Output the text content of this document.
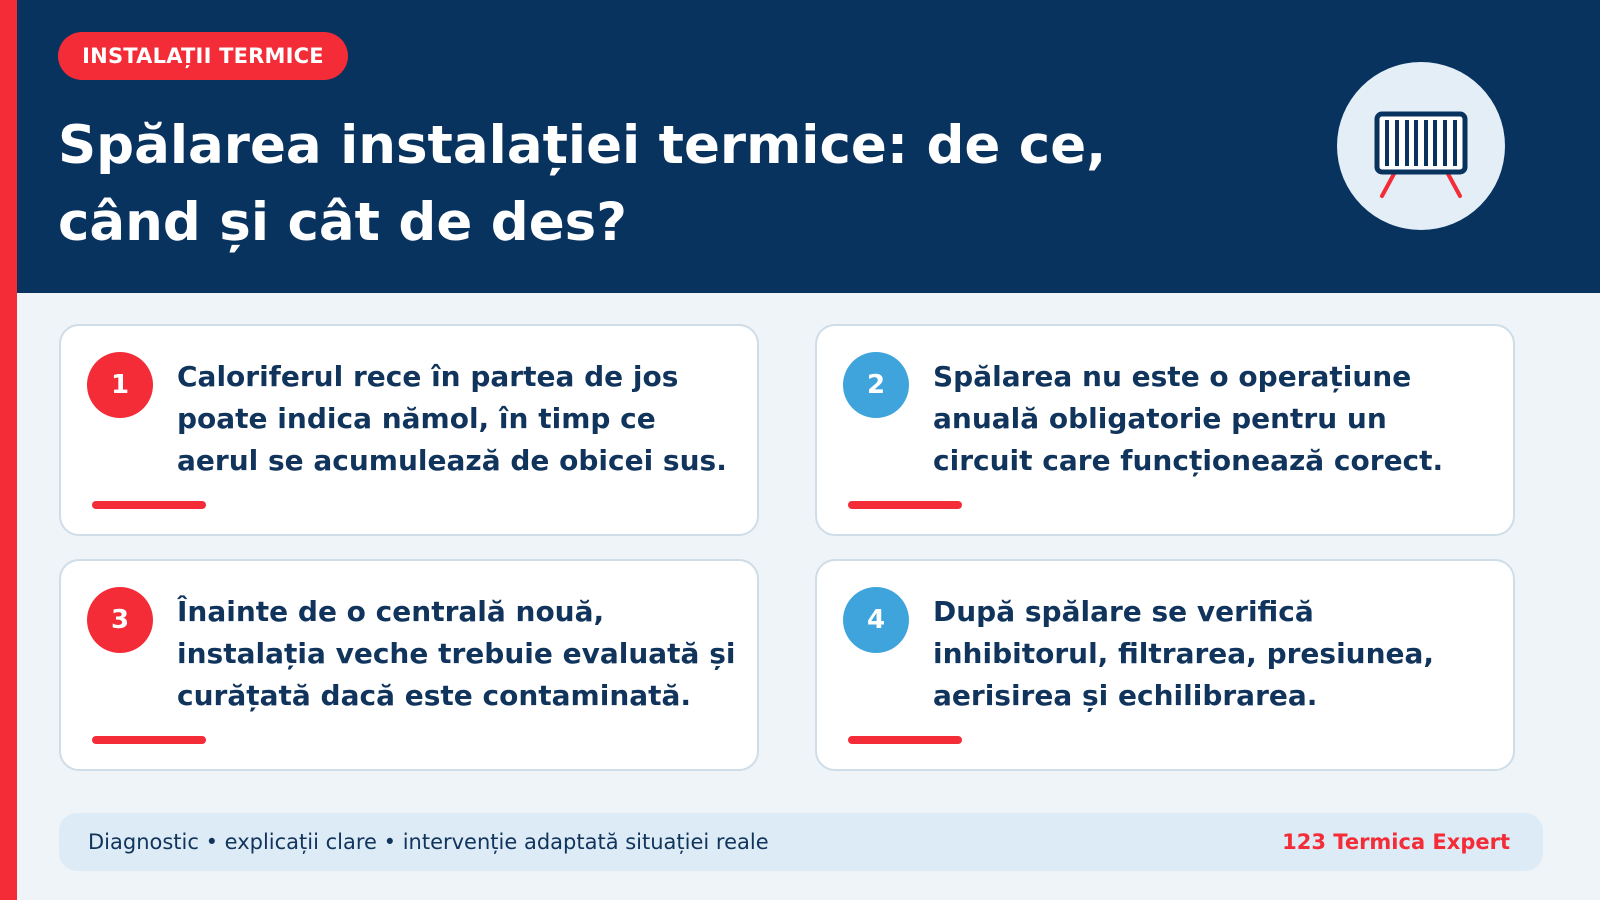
INSTALAȚII TERMICE
Spălarea instalației termice: de ce, când și cât de des?
1	Caloriferul rece în partea de jos poate indica nămol, în timp ce aerul se acumulează de obicei sus.

2	Spălarea nu este o operațiune anuală obligatorie pentru un circuit care funcționează corect.

3	Înainte de o centrală nouă, instalația veche trebuie evaluată și curățată dacă este contaminată.

4	După spălare se verifică inhibitorul, filtrarea, presiunea, aerisirea și echilibrarea.

Diagnostic • explicații clare • intervenție adaptată situației reale	123 Termica Expert
